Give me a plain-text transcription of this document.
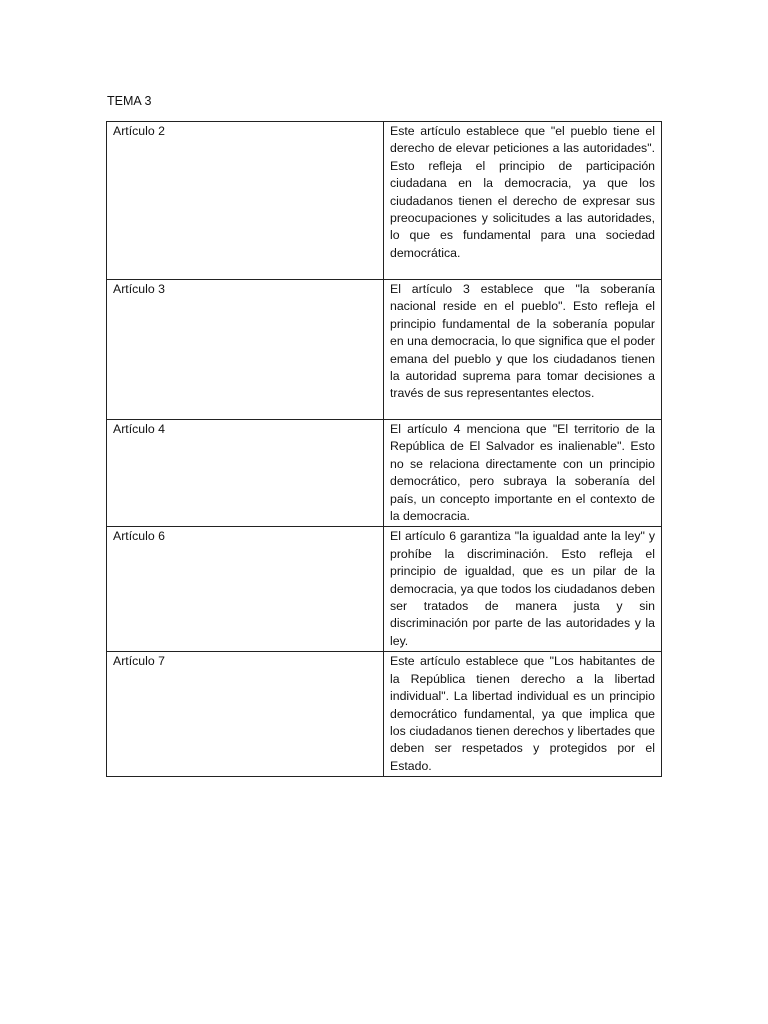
TEMA 3
Artículo 2	Este artículo establece que "el pueblo tiene el derecho de elevar peticiones a las autoridades". Esto refleja el principio de participación ciudadana en la democracia, ya que los ciudadanos tienen el derecho de expresar sus preocupaciones y solicitudes a las autoridades, lo que es fundamental para una sociedad democrática.
Artículo 3	El artículo 3 establece que "la soberanía nacional reside en el pueblo". Esto refleja el principio fundamental de la soberanía popular en una democracia, lo que significa que el poder emana del pueblo y que los ciudadanos tienen la autoridad suprema para tomar decisiones a través de sus representantes electos.
Artículo 4	El artículo 4 menciona que "El territorio de la República de El Salvador es inalienable". Esto no se relaciona directamente con un principio democrático, pero subraya la soberanía del país, un concepto importante en el contexto de la democracia.
Artículo 6	El artículo 6 garantiza "la igualdad ante la ley" y prohíbe la discriminación. Esto refleja el principio de igualdad, que es un pilar de la democracia, ya que todos los ciudadanos deben ser tratados de manera justa y sin discriminación por parte de las autoridades y la ley.
Artículo 7	Este artículo establece que "Los habitantes de la República tienen derecho a la libertad individual". La libertad individual es un principio democrático fundamental, ya que implica que los ciudadanos tienen derechos y libertades que deben ser respetados y protegidos por el Estado.
